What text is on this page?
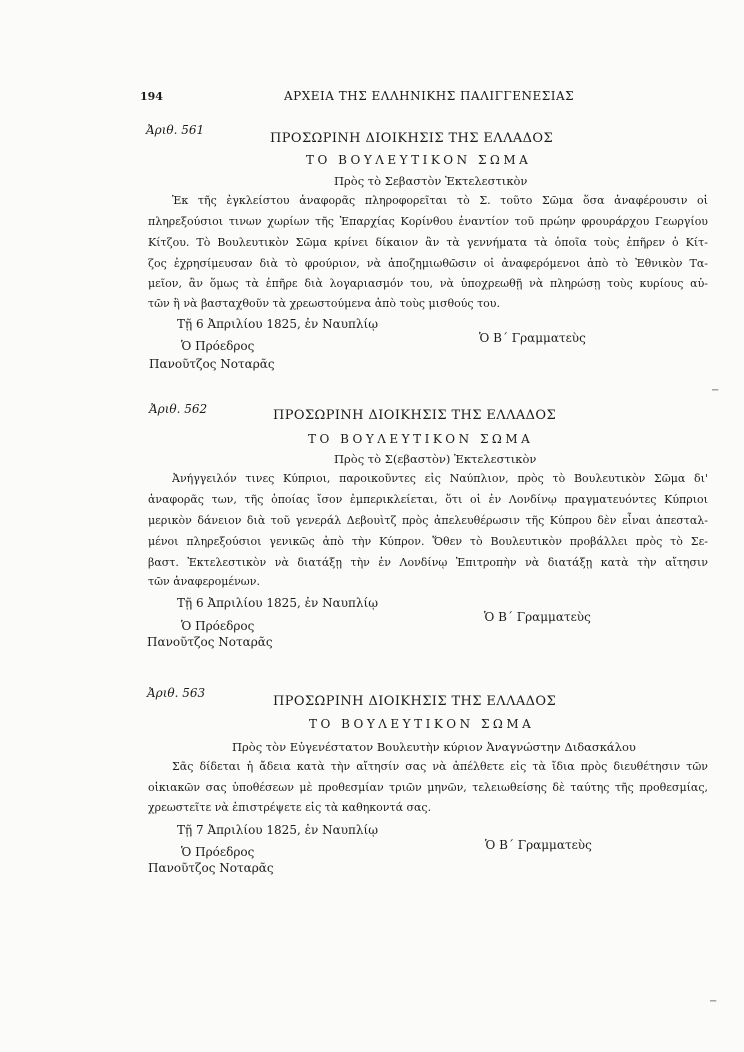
194	ΑΡΧΕΙΑ ΤΗΣ ΕΛΛΗΝΙΚΗΣ ΠΑΛΙΓΓΕΝΕΣΙΑΣ
Ἀριθ. 561
ΠΡΟΣΩΡΙΝΗ ΔΙΟΙΚΗΣΙΣ ΤΗΣ ΕΛΛΑΔΟΣ
ΤΟ ΒΟΥΛΕΥΤΙΚΟΝ ΣΩΜΑ
Πρὸς τὸ Σεβαστὸν Ἐκτελεστικὸν
Ἐκ τῆς ἐγκλείστου ἀναφορᾶς πληροφορεῖται τὸ Σ. τοῦτο Σῶμα ὅσα ἀναφέρουσιν οἱ
πληρεξούσιοι τινων χωρίων τῆς Ἐπαρχίας Κορίνθου ἐναντίον τοῦ πρώην φρουράρχου Γεωργίου
Κίτζου. Τὸ Βουλευτικὸν Σῶμα κρίνει δίκαιον ἂν τὰ γεννήματα τὰ ὁποῖα τοὺς ἐπῆρεν ὁ Κίτ-
ζος ἐχρησίμευσαν διὰ τὸ φρούριον, νὰ ἀποζημιωθῶσιν οἱ ἀναφερόμενοι ἀπὸ τὸ Ἐθνικὸν Τα-
μεῖον, ἂν ὅμως τὰ ἐπῆρε διὰ λογαριασμόν του, νὰ ὑποχρεωθῇ νὰ πληρώσῃ τοὺς κυρίους αὐ-
τῶν ἢ νὰ βασταχθοῦν τὰ χρεωστούμενα ἀπὸ τοὺς μισθούς του.
Τῇ 6 Ἀπριλίου 1825, ἐν Ναυπλίῳ
Ὁ Πρόεδρος
Ὁ Β΄ Γραμματεὺς
Πανοῦτζος Νοταρᾶς
Ἀριθ. 562	ΠΡΟΣΩΡΙΝΗ ΔΙΟΙΚΗΣΙΣ ΤΗΣ ΕΛΛΑΔΟΣ
ΤΟ ΒΟΥΛΕΥΤΙΚΟΝ ΣΩΜΑ
Πρὸς τὸ Σ(εβαστὸν) Ἐκτελεστικὸν
Ἀνήγγειλόν τινες Κύπριοι, παροικοῦντες εἰς Ναύπλιον, πρὸς τὸ Βουλευτικὸν Σῶμα δι'
ἀναφορᾶς των, τῆς ὁποίας ἴσον ἐμπερικλείεται, ὅτι οἱ ἐν Λονδίνῳ πραγματευόντες Κύπριοι
μερικὸν δάνειον διὰ τοῦ γενεράλ Δεβουὶτζ πρὸς ἀπελευθέρωσιν τῆς Κύπρου δὲν εἶναι ἀπεσταλ-
μένοι πληρεξούσιοι γενικῶς ἀπὸ τὴν Κύπρον. Ὅθεν τὸ Βουλευτικὸν προβάλλει πρὸς τὸ Σε-
βαστ. Ἐκτελεστικὸν νὰ διατάξῃ τὴν ἐν Λονδίνῳ Ἐπιτροπὴν νὰ διατάξῃ κατὰ τὴν αἴτησιν
τῶν ἀναφερομένων.
Τῇ 6 Ἀπριλίου 1825, ἐν Ναυπλίῳ
Ὁ Πρόεδρος
Ὁ Β΄ Γραμματεὺς
Πανοῦτζος Νοταρᾶς
Ἀριθ. 563
ΠΡΟΣΩΡΙΝΗ ΔΙΟΙΚΗΣΙΣ ΤΗΣ ΕΛΛΑΔΟΣ
ΤΟ ΒΟΥΛΕΥΤΙΚΟΝ ΣΩΜΑ
Πρὸς τὸν Εὐγενέστατον Βουλευτὴν κύριον Ἀναγνώστην Διδασκάλου
Σᾶς δίδεται ἡ ἄδεια κατὰ τὴν αἴτησίν σας νὰ ἀπέλθετε εἰς τὰ ἴδια πρὸς διευθέτησιν τῶν
οἰκιακῶν σας ὑποθέσεων μὲ προθεσμίαν τριῶν μηνῶν, τελειωθείσης δὲ ταύτης τῆς προθεσμίας,
χρεωστεῖτε νὰ ἐπιστρέψετε εἰς τὰ καθηκοντά σας.
Τῇ 7 Ἀπριλίου 1825, ἐν Ναυπλίῳ
Ὁ Πρόεδρος	Ὁ Β΄ Γραμματεὺς
Πανοῦτζος Νοταρᾶς
−
−
